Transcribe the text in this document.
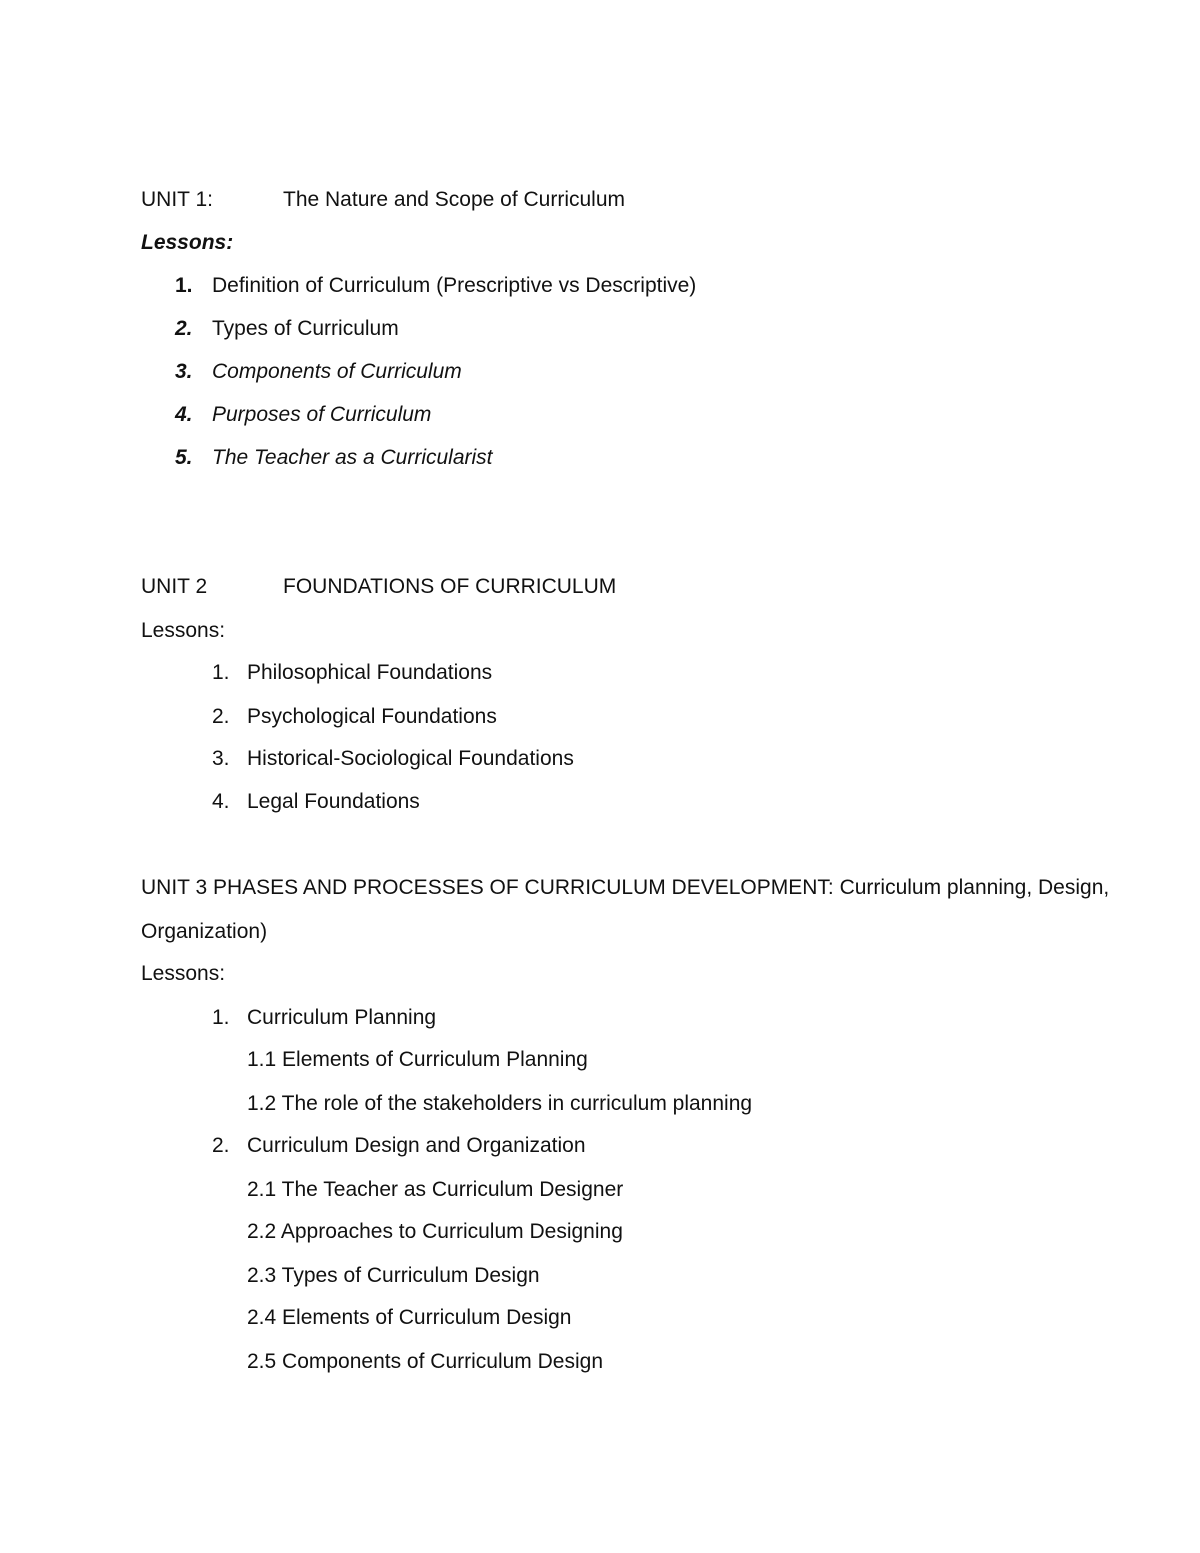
UNIT 1:	The Nature and Scope of Curriculum
Lessons:
1. Definition of Curriculum (Prescriptive vs Descriptive)
2. Types of Curriculum
3. Components of Curriculum
4. Purposes of Curriculum
5. The Teacher as a Curricularist
UNIT 2	FOUNDATIONS OF CURRICULUM
Lessons:
1. Philosophical Foundations
2. Psychological Foundations
3. Historical-Sociological Foundations
4. Legal Foundations
UNIT 3 PHASES AND PROCESSES OF CURRICULUM DEVELOPMENT: Curriculum planning, Design,
Organization)
Lessons:
1. Curriculum Planning
1.1 Elements of Curriculum Planning
1.2 The role of the stakeholders in curriculum planning
2. Curriculum Design and Organization
2.1 The Teacher as Curriculum Designer
2.2 Approaches to Curriculum Designing
2.3 Types of Curriculum Design
2.4 Elements of Curriculum Design
2.5 Components of Curriculum Design
